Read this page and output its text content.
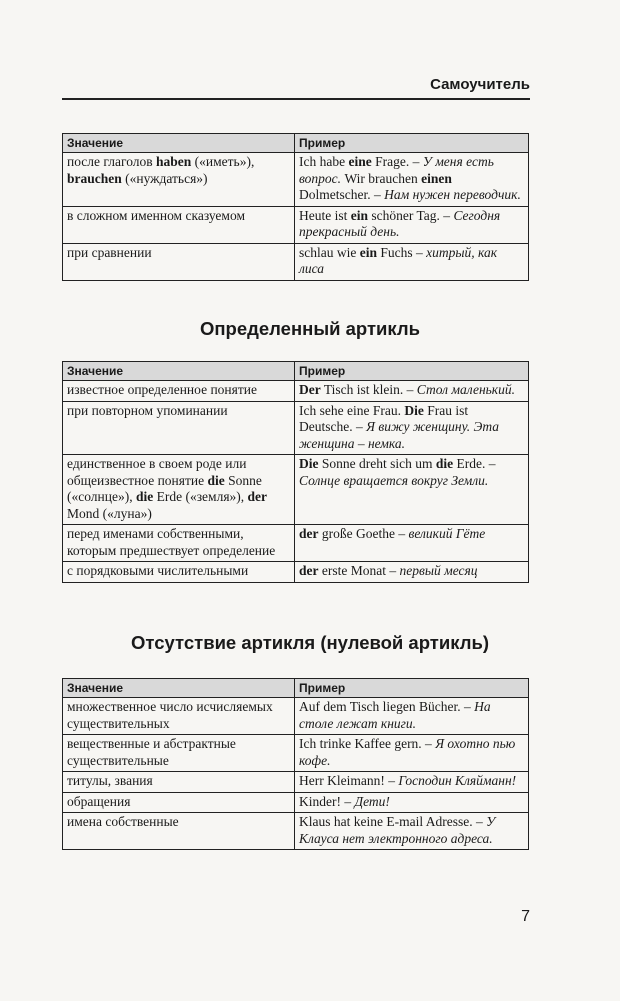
Самоучитель
Значение	Пример
после глаголов haben («иметь»), brauchen («нуждаться»)	Ich habe eine Frage. – У меня есть вопрос. Wir brauchen einen Dolmetscher. – Нам нужен переводчик.
в сложном именном сказуемом	Heute ist ein schöner Tag. – Сегодня прекрасный день.
при сравнении	schlau wie ein Fuchs – хитрый, как лиса
Определенный артикль
Значение	Пример
известное определенное понятие	Der Tisch ist klein. – Стол маленький.
при повторном упоминании	Ich sehe eine Frau. Die Frau ist Deutsche. – Я вижу женщину. Эта женщина – немка.
единственное в своем роде или общеизвестное понятие die Sonne («солнце»), die Erde («земля»), der Mond («луна»)	Die Sonne dreht sich um die Erde. – Солнце вращается вокруг Земли.
перед именами собственными, которым предшествует определение	der große Goethe – великий Гёте
с порядковыми числительными	der erste Monat – первый месяц
Отсутствие артикля (нулевой артикль)
Значение	Пример
множественное число исчисляемых существительных	Auf dem Tisch liegen Bücher. – На столе лежат книги.
вещественные и абстрактные существительные	Ich trinke Kaffee gern. – Я охотно пью кофе.
титулы, звания	Herr Kleimann! – Господин Кляйманн!
обращения	Kinder! – Дети!
имена собственные	Klaus hat keine E-mail Adresse. – У Клауса нет электронного адреса.
7
